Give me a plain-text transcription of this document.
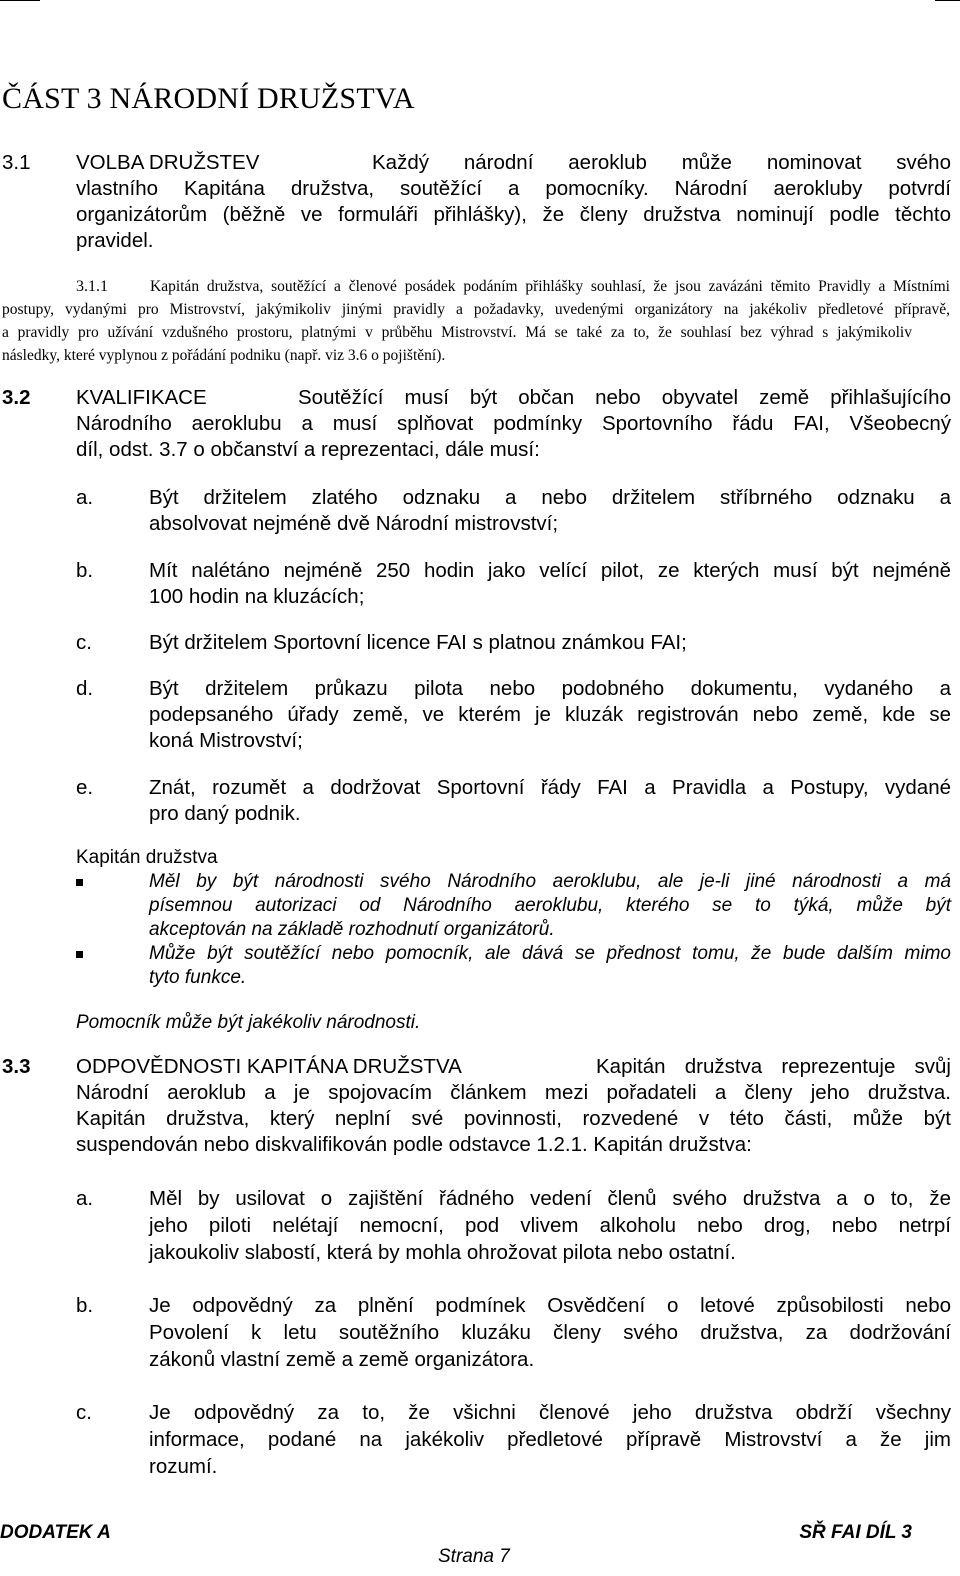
ČÁST 3 NÁRODNÍ DRUŽSTVA
3.1 VOLBA DRUŽSTEV	Každý národní aeroklub může nominovat svého
vlastního Kapitána družstva, soutěžící a pomocníky. Národní aerokluby potvrdí
organizátorům (běžně ve formuláři přihlášky), že členy družstva nominují podle těchto
pravidel.
3.1.1	Kapitán družstva, soutěžící a členové posádek podáním přihlášky souhlasí, že jsou zavázáni těmito Pravidly a Místními
postupy, vydanými pro Mistrovství, jakýmikoliv jinými pravidly a požadavky, uvedenými organizátory na jakékoliv předletové přípravě,
a pravidly pro užívání vzdušného prostoru, platnými v průběhu Mistrovství. Má se také za to, že souhlasí bez výhrad s jakýmikoliv
následky, které vyplynou z pořádání podniku (např. viz 3.6 o pojištění).
3.2 KVALIFIKACE	Soutěžící musí být občan nebo obyvatel země přihlašujícího
Národního aeroklubu a musí splňovat podmínky Sportovního řádu FAI, Všeobecný
díl, odst. 3.7 o občanství a reprezentaci, dále musí:
a.	Být držitelem zlatého odznaku a nebo držitelem stříbrného odznaku a
absolvovat nejméně dvě Národní mistrovství;
b.	Mít nalétáno nejméně 250 hodin jako velící pilot, ze kterých musí být nejméně
100 hodin na kluzácích;
c.	Být držitelem Sportovní licence FAI s platnou známkou FAI;
d.	Být držitelem průkazu pilota nebo podobného dokumentu, vydaného a
podepsaného úřady země, ve kterém je kluzák registrován nebo země, kde se
koná Mistrovství;
e.	Znát, rozumět a dodržovat Sportovní řády FAI a Pravidla a Postupy, vydané
pro daný podnik.
Kapitán družstva
Měl by být národnosti svého Národního aeroklubu, ale je-li jiné národnosti a má
písemnou autorizaci od Národního aeroklubu, kterého se to týká, může být
akceptován na základě rozhodnutí organizátorů.
Může být soutěžící nebo pomocník, ale dává se přednost tomu, že bude dalším mimo
tyto funkce.
Pomocník může být jakékoliv národnosti.
3.3 ODPOVĚDNOSTI KAPITÁNA DRUŽSTVA	Kapitán družstva reprezentuje svůj
Národní aeroklub a je spojovacím článkem mezi pořadateli a členy jeho družstva.
Kapitán družstva, který neplní své povinnosti, rozvedené v této části, může být
suspendován nebo diskvalifikován podle odstavce 1.2.1. Kapitán družstva:
a.	Měl by usilovat o zajištění řádného vedení členů svého družstva a o to, že
jeho piloti nelétají nemocní, pod vlivem alkoholu nebo drog, nebo netrpí
jakoukoliv slabostí, která by mohla ohrožovat pilota nebo ostatní.
b.	Je odpovědný za plnění podmínek Osvědčení o letové způsobilosti nebo
Povolení k letu soutěžního kluzáku členy svého družstva, za dodržování
zákonů vlastní země a země organizátora.
c.	Je odpovědný za to, že všichni členové jeho družstva obdrží všechny
informace, podané na jakékoliv předletové přípravě Mistrovství a že jim
rozumí.
DODATEK A	SŘ FAI DÍL 3
Strana 7
